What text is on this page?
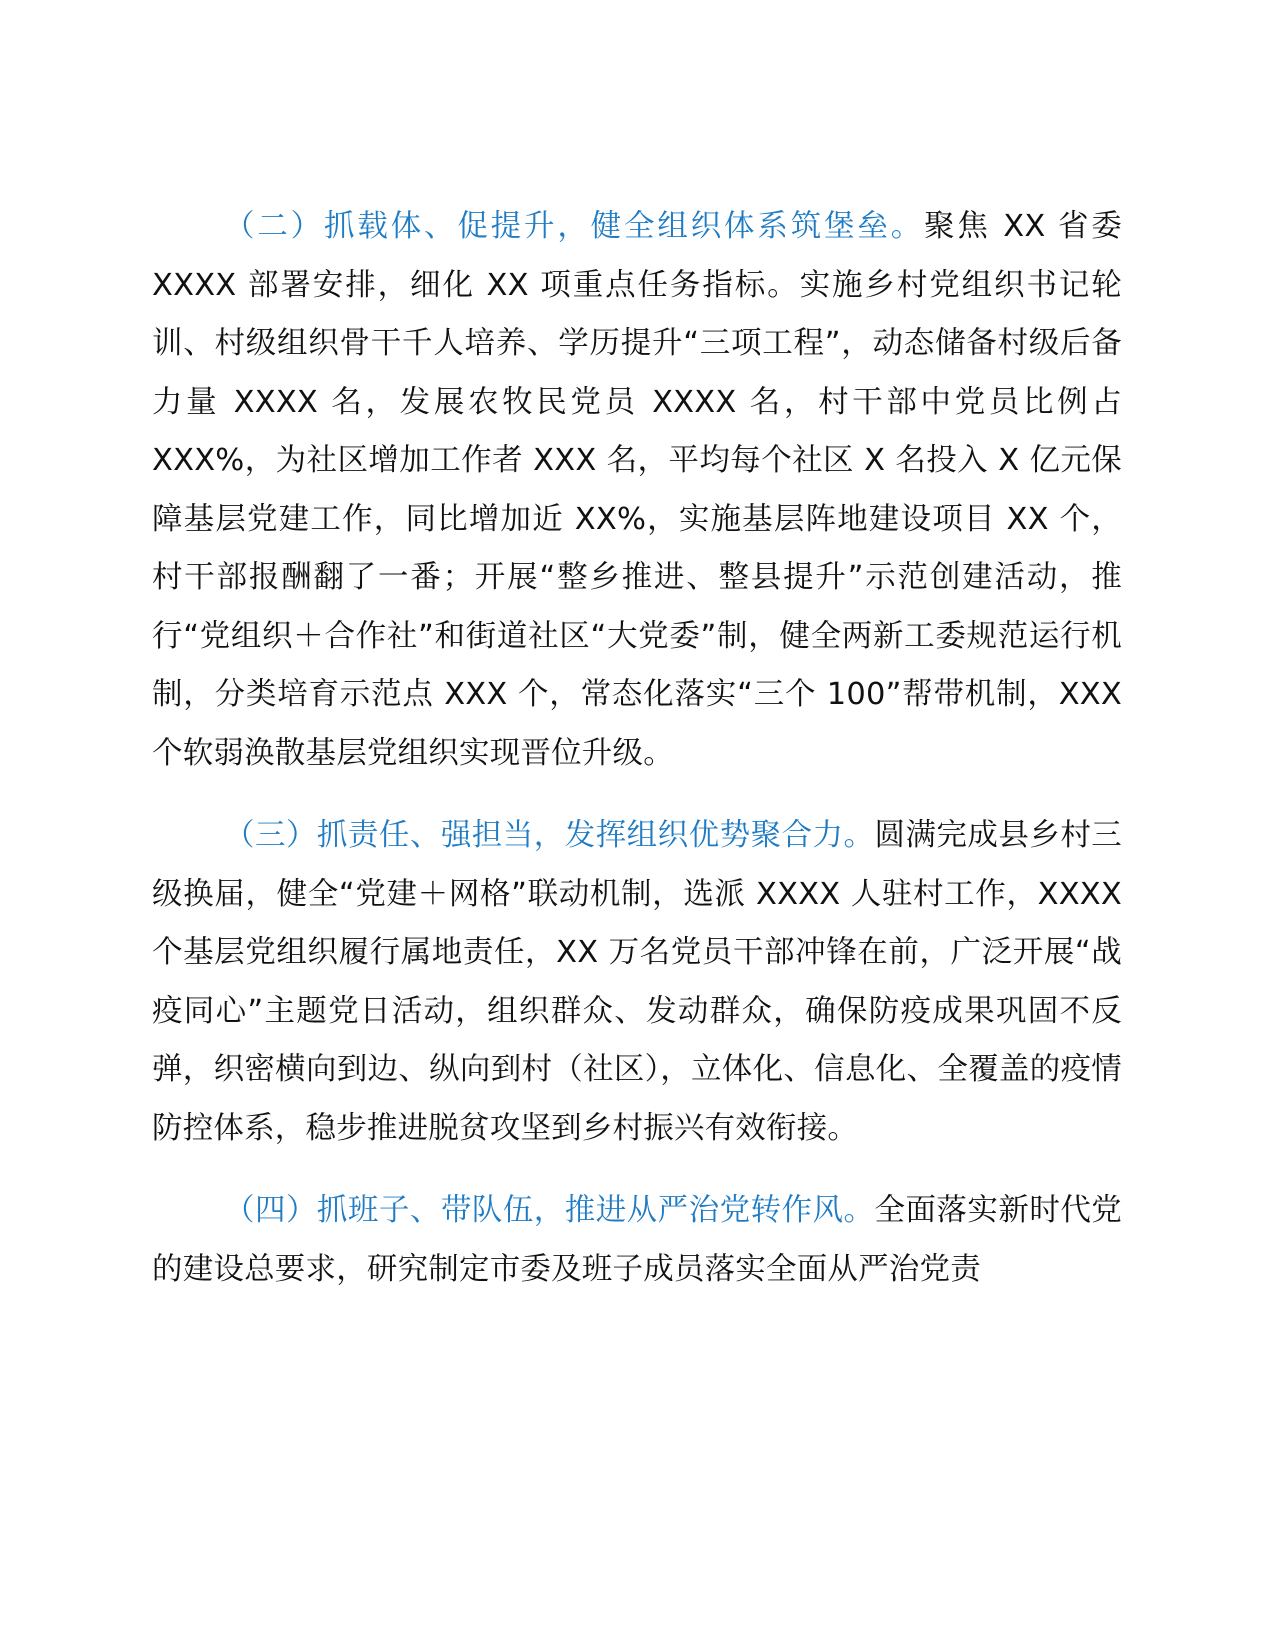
（二）抓载体、促提升，健全组织体系筑堡垒。聚焦 XX 省委 XXXX 部署安排，细化 XX 项重点任务指标。实施乡村党组织书记轮训、村级组织骨干千人培养、学历提升“三项工程”，动态储备村级后备力量 XXXX 名，发展农牧民党员 XXXX 名，村干部中党员比例占 XXX%，为社区增加工作者 XXX 名，平均每个社区 X 名投入 X 亿元保障基层党建工作，同比增加近 XX%，实施基层阵地建设项目 XX 个，村干部报酬翻了一番；开展“整乡推进、整县提升”示范创建活动，推行“党组织＋合作社”和街道社区“大党委”制，健全两新工委规范运行机制，分类培育示范点 XXX 个，常态化落实“三个 100”帮带机制，XXX 个软弱涣散基层党组织实现晋位升级。

（三）抓责任、强担当，发挥组织优势聚合力。圆满完成县乡村三级换届，健全“党建＋网格”联动机制，选派 XXXX 人驻村工作，XXXX 个基层党组织履行属地责任，XX 万名党员干部冲锋在前，广泛开展“战疫同心”主题党日活动，组织群众、发动群众，确保防疫成果巩固不反弹，织密横向到边、纵向到村（社区），立体化、信息化、全覆盖的疫情防控体系，稳步推进脱贫攻坚到乡村振兴有效衔接。

（四）抓班子、带队伍，推进从严治党转作风。全面落实新时代党的建设总要求，研究制定市委及班子成员落实全面从严治党责
